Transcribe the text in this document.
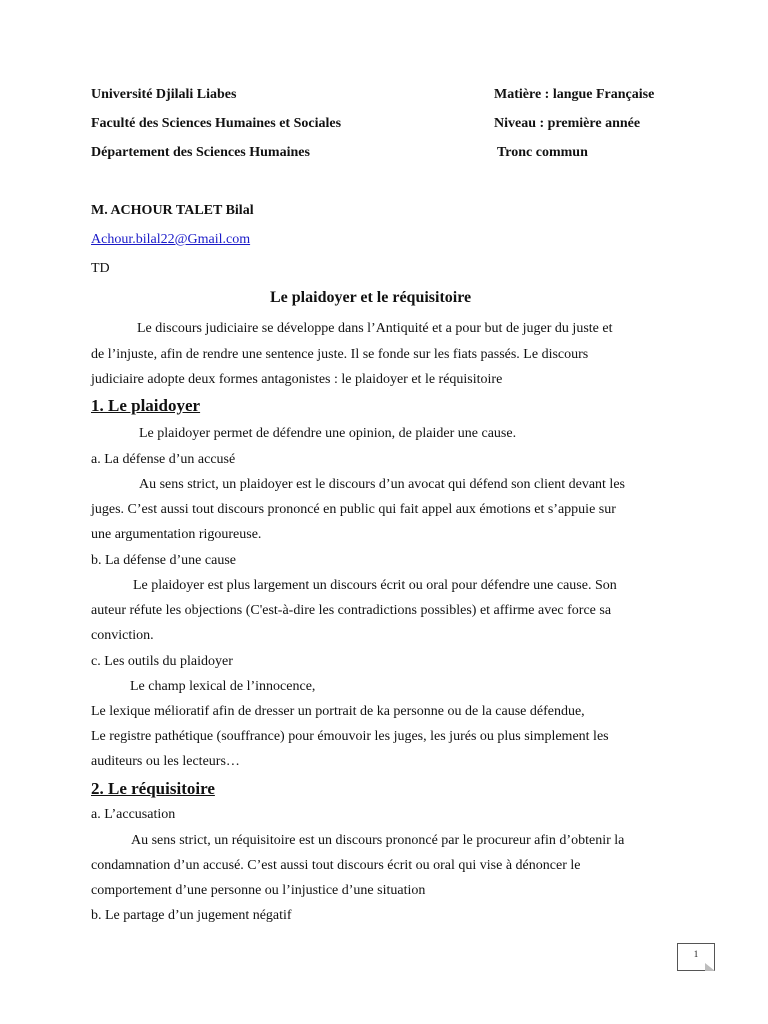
Université Djilali Liabes	Matière : langue Française
Faculté des Sciences Humaines et Sociales	Niveau : première année
Département des Sciences Humaines	Tronc commun
M. ACHOUR TALET Bilal
Achour.bilal22@Gmail.com
TD
Le plaidoyer et le réquisitoire
Le discours judiciaire se développe dans l’Antiquité et a pour but de juger du juste et
de l’injuste, afin de rendre une sentence juste. Il se fonde sur les fiats passés. Le discours
judiciaire adopte deux formes antagonistes : le plaidoyer et le réquisitoire
1. Le plaidoyer
Le plaidoyer permet de défendre une opinion, de plaider une cause.
a. La défense d’un accusé
Au sens strict, un plaidoyer est le discours d’un avocat qui défend son client devant les
juges. C’est aussi tout discours prononcé en public qui fait appel aux émotions et s’appuie sur
une argumentation rigoureuse.
b. La défense d’une cause
Le plaidoyer est plus largement un discours écrit ou oral pour défendre une cause. Son
auteur réfute les objections (C'est-à-dire les contradictions possibles) et affirme avec force sa
conviction.
c. Les outils du plaidoyer
Le champ lexical de l’innocence,
Le lexique mélioratif afin de dresser un portrait de ka personne ou de la cause défendue,
Le registre pathétique (souffrance) pour émouvoir les juges, les jurés ou plus simplement les
auditeurs ou les lecteurs…
2. Le réquisitoire
a. L’accusation
Au sens strict, un réquisitoire est un discours prononcé par le procureur afin d’obtenir la
condamnation d’un accusé. C’est aussi tout discours écrit ou oral qui vise à dénoncer le
comportement d’une personne ou l’injustice d’une situation
b. Le partage d’un jugement négatif
1
